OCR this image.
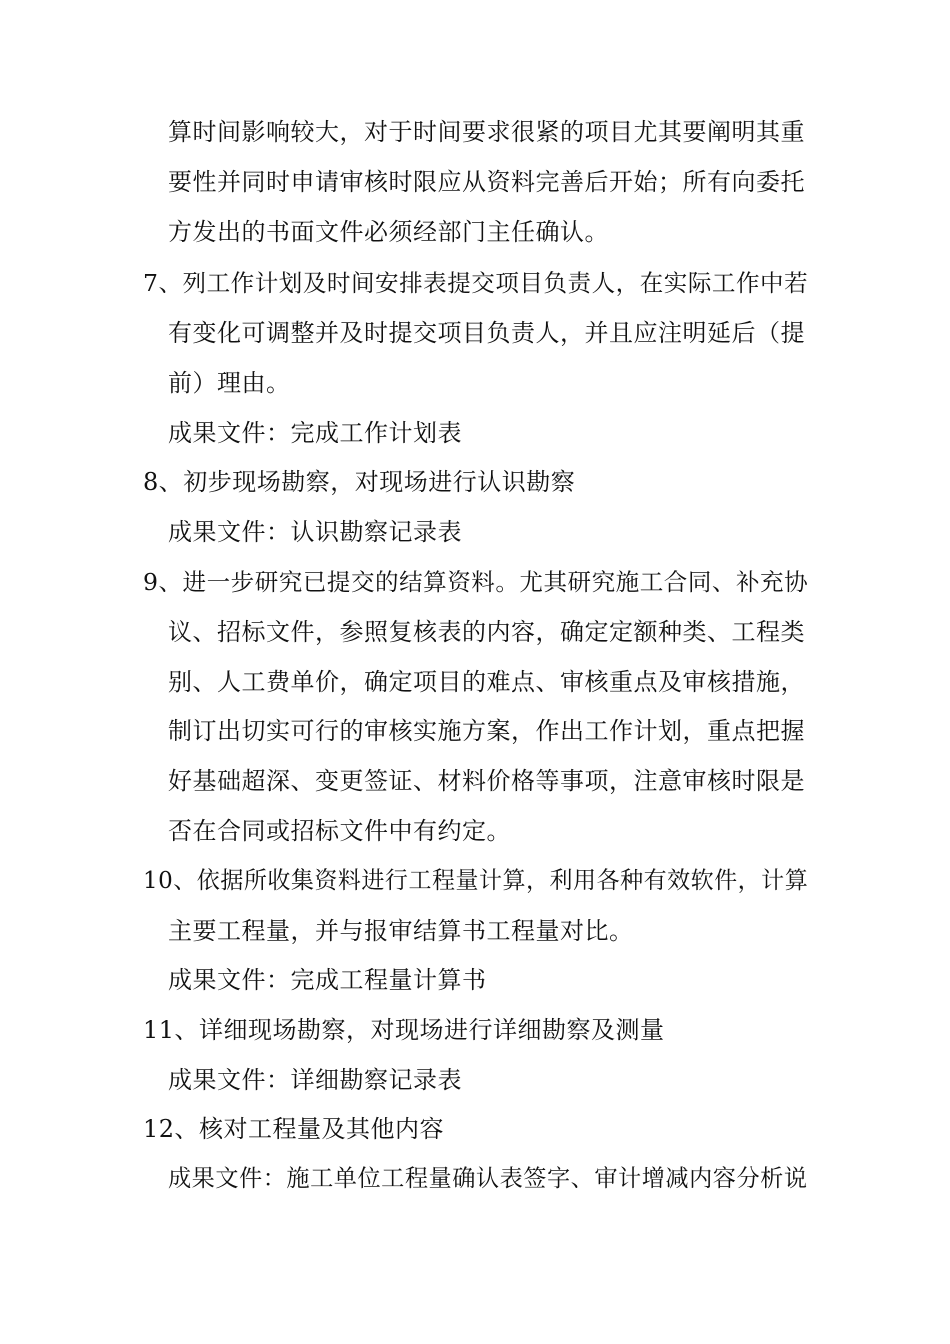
算时间影响较大，对于时间要求很紧的项目尤其要阐明其重
要性并同时申请审核时限应从资料完善后开始；所有向委托
方发出的书面文件必须经部门主任确认。
7、列工作计划及时间安排表提交项目负责人，在实际工作中若
有变化可调整并及时提交项目负责人，并且应注明延后（提
前）理由。
成果文件：完成工作计划表
8、初步现场勘察，对现场进行认识勘察
成果文件：认识勘察记录表
9、进一步研究已提交的结算资料。尤其研究施工合同、补充协
议、招标文件，参照复核表的内容，确定定额种类、工程类
别、人工费单价，确定项目的难点、审核重点及审核措施，
制订出切实可行的审核实施方案，作出工作计划，重点把握
好基础超深、变更签证、材料价格等事项，注意审核时限是
否在合同或招标文件中有约定。
10、依据所收集资料进行工程量计算，利用各种有效软件，计算
主要工程量，并与报审结算书工程量对比。
成果文件：完成工程量计算书
11、详细现场勘察，对现场进行详细勘察及测量
成果文件：详细勘察记录表
12、核对工程量及其他内容
成果文件：施工单位工程量确认表签字、审计增减内容分析说
